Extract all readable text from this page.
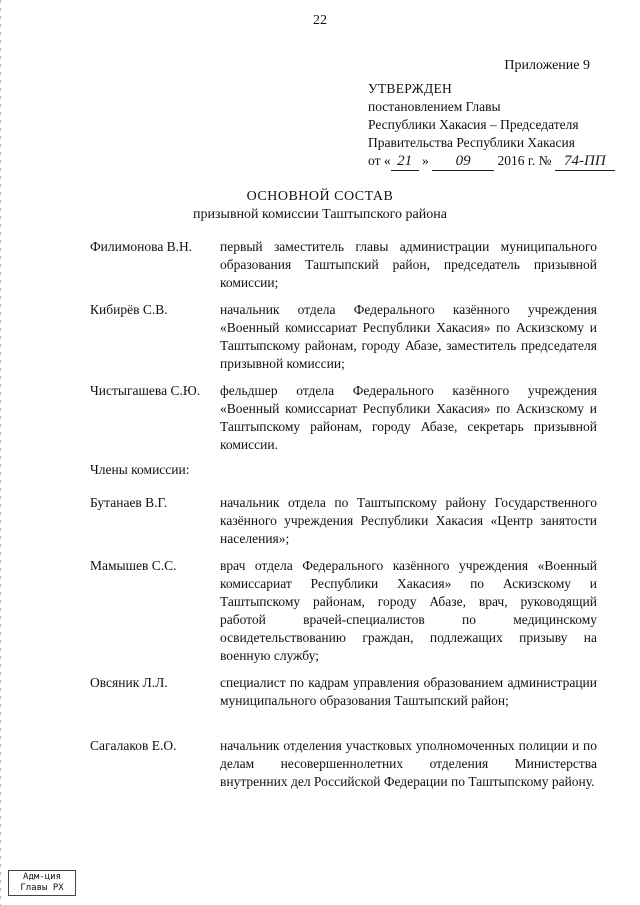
22
Приложение 9
УТВЕРЖДЕН
постановлением Главы
Республики Хакасия – Председателя
Правительства Республики Хакасия
от « 21 » 09 2016 г. № 74-ПП
ОСНОВНОЙ СОСТАВ
призывной комиссии Таштыпского района
Филимонова В.Н.	первый заместитель главы администрации муниципального образования Таштыпский район, председатель призывной комиссии;
Кибирёв С.В.	начальник отдела Федерального казённого учреждения «Военный комиссариат Республики Хакасия» по Аскизскому и Таштыпскому районам, городу Абазе, заместитель председателя призывной комиссии;
Чистыгашева С.Ю.	фельдшер отдела Федерального казённого учреждения «Военный комиссариат Республики Хакасия» по Аскизскому и Таштыпскому районам, городу Абазе, секретарь призывной комиссии.
Члены комиссии:
Бутанаев В.Г.	начальник отдела по Таштыпскому району Государственного казённого учреждения Республики Хакасия «Центр занятости населения»;
Мамышев С.С.	врач отдела Федерального казённого учреждения «Военный комиссариат Республики Хакасия» по Аскизскому и Таштыпскому районам, городу Абазе, врач, руководящий работой врачей-специалистов по медицинскому освидетельствованию граждан, подлежащих призыву на военную службу;
Овсяник Л.Л.	специалист по кадрам управления образованием администрации муниципального образования Таштыпский район;
Сагалаков Е.О.	начальник отделения участковых уполномоченных полиции и по делам несовершеннолетних отделения Министерства внутренних дел Российской Федерации по Таштыпскому району.
Адм-ция
Главы РХ
